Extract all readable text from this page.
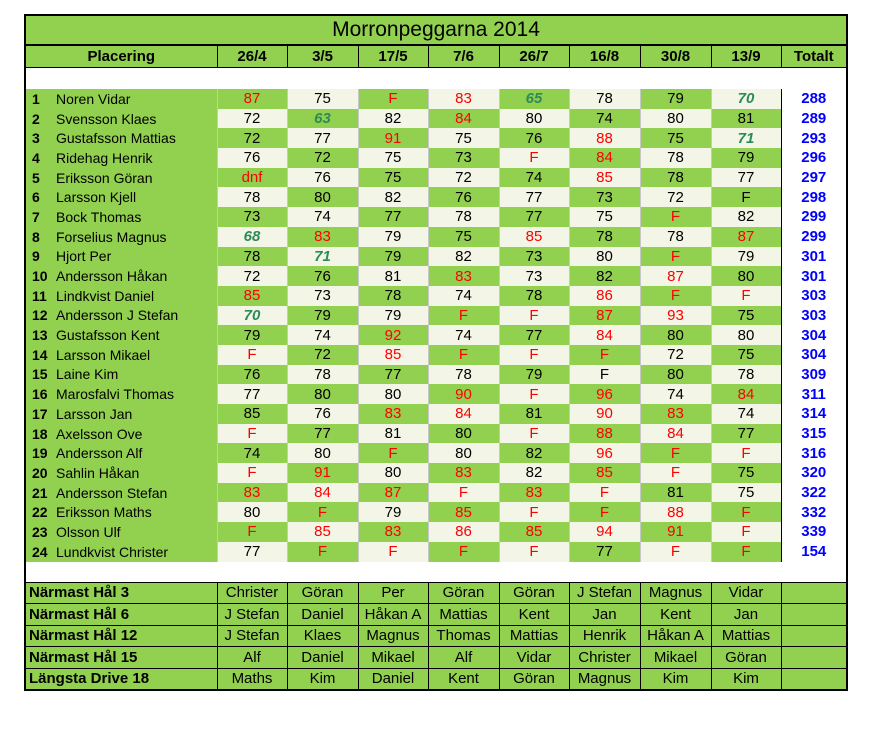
Morronpeggarna 2014									
Placering	26/4	3/5	17/5	7/6	26/7	16/8	30/8	13/9	Totalt

1 Noren Vidar	87	75	F	83	65	78	79	70	288
2 Svensson Klaes	72	63	82	84	80	74	80	81	289
3 Gustafsson Mattias	72	77	91	75	76	88	75	71	293
4 Ridehag Henrik	76	72	75	73	F	84	78	79	296
5 Eriksson Göran	dnf	76	75	72	74	85	78	77	297
6 Larsson Kjell	78	80	82	76	77	73	72	F	298
7 Bock Thomas	73	74	77	78	77	75	F	82	299
8 Forselius Magnus	68	83	79	75	85	78	78	87	299
9 Hjort Per	78	71	79	82	73	80	F	79	301
10 Andersson Håkan	72	76	81	83	73	82	87	80	301
11 Lindkvist Daniel	85	73	78	74	78	86	F	F	303
12 Andersson J Stefan	70	79	79	F	F	87	93	75	303
13 Gustafsson Kent	79	74	92	74	77	84	80	80	304
14 Larsson Mikael	F	72	85	F	F	F	72	75	304
15 Laine Kim	76	78	77	78	79	F	80	78	309
16 Marosfalvi Thomas	77	80	80	90	F	96	74	84	311
17 Larsson Jan	85	76	83	84	81	90	83	74	314
18 Axelsson Ove	F	77	81	80	F	88	84	77	315
19 Andersson Alf	74	80	F	80	82	96	F	F	316
20 Sahlin Håkan	F	91	80	83	82	85	F	75	320
21 Andersson Stefan	83	84	87	F	83	F	81	75	322
22 Eriksson Maths	80	F	79	85	F	F	88	F	332
23 Olsson Ulf	F	85	83	86	85	94	91	F	339
24 Lundkvist Christer	77	F	F	F	F	77	F	F	154

Närmast Hål 3	Christer	Göran	Per	Göran	Göran	J Stefan	Magnus	Vidar	
Närmast Hål 6	J Stefan	Daniel	Håkan A	Mattias	Kent	Jan	Kent	Jan	
Närmast Hål 12	J Stefan	Klaes	Magnus	Thomas	Mattias	Henrik	Håkan A	Mattias	
Närmast Hål 15	Alf	Daniel	Mikael	Alf	Vidar	Christer	Mikael	Göran	
Längsta Drive 18	Maths	Kim	Daniel	Kent	Göran	Magnus	Kim	Kim	
